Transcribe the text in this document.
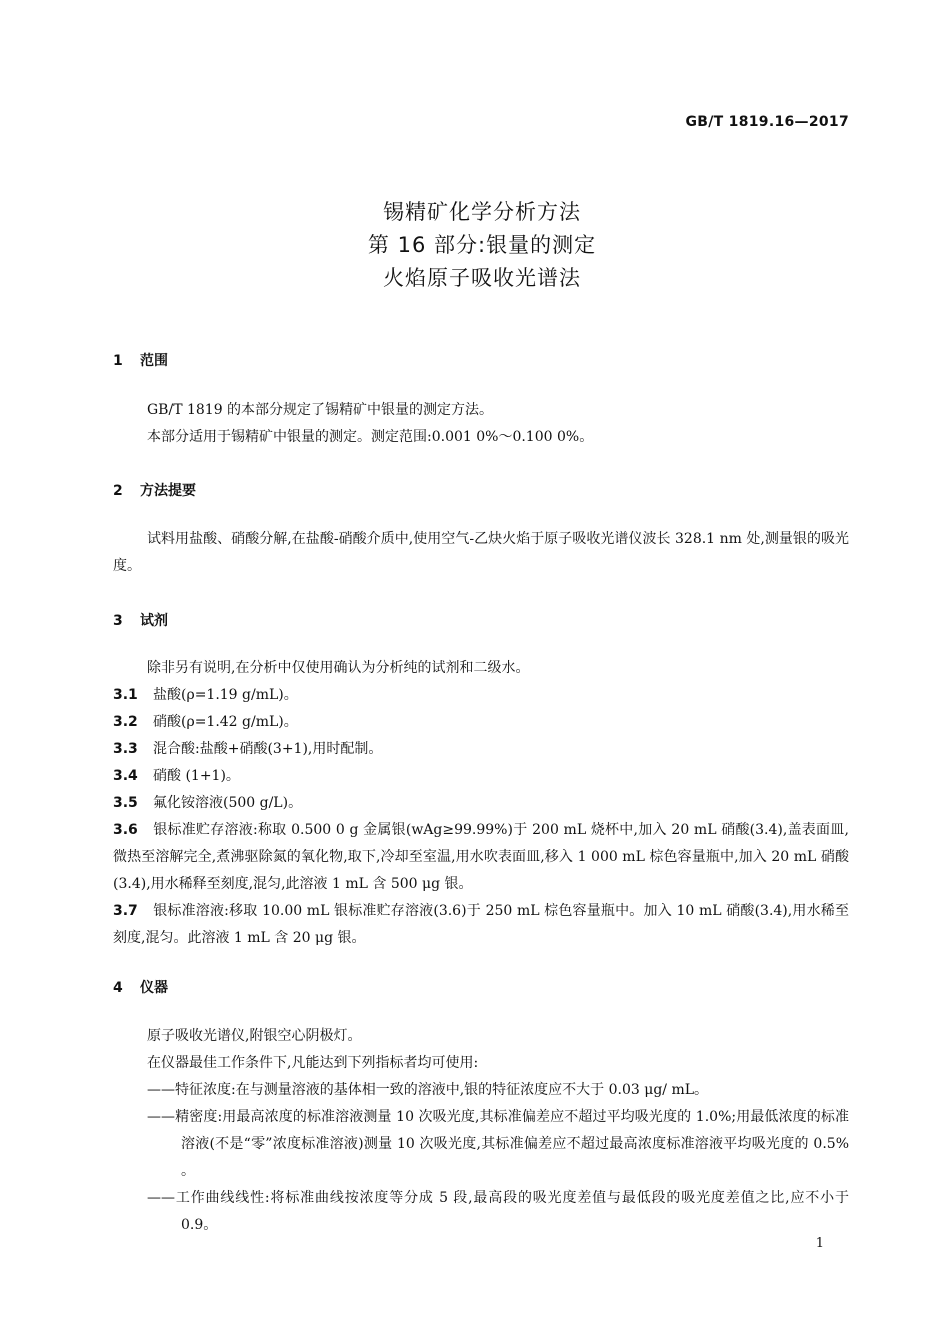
GB/T 1819.16—2017
锡精矿化学分析方法
第 16 部分:银量的测定
火焰原子吸收光谱法
1 范围
GB/T 1819 的本部分规定了锡精矿中银量的测定方法。
本部分适用于锡精矿中银量的测定。测定范围:0.001 0%～0.100 0%。
2 方法提要
试料用盐酸、硝酸分解,在盐酸-硝酸介质中,使用空气-乙炔火焰于原子吸收光谱仪波长 328.1 nm 处,测量银的吸光度。
3 试剂
除非另有说明,在分析中仅使用确认为分析纯的试剂和二级水。
3.1 盐酸(ρ=1.19 g/mL)。
3.2 硝酸(ρ=1.42 g/mL)。
3.3 混合酸:盐酸+硝酸(3+1),用时配制。
3.4 硝酸 (1+1)。
3.5 氟化铵溶液(500 g/L)。
3.6 银标准贮存溶液:称取 0.500 0 g 金属银(wAg≥99.99%)于 200 mL 烧杯中,加入 20 mL 硝酸(3.4),盖表面皿,微热至溶解完全,煮沸驱除氮的氧化物,取下,冷却至室温,用水吹表面皿,移入 1 000 mL 棕色容量瓶中,加入 20 mL 硝酸(3.4),用水稀释至刻度,混匀,此溶液 1 mL 含 500 μg 银。
3.7 银标准溶液:移取 10.00 mL 银标准贮存溶液(3.6)于 250 mL 棕色容量瓶中。加入 10 mL 硝酸(3.4),用水稀至刻度,混匀。此溶液 1 mL 含 20 μg 银。
4 仪器
原子吸收光谱仪,附银空心阴极灯。
在仪器最佳工作条件下,凡能达到下列指标者均可使用:
——特征浓度:在与测量溶液的基体相一致的溶液中,银的特征浓度应不大于 0.03 μg/ mL。
——精密度:用最高浓度的标准溶液测量 10 次吸光度,其标准偏差应不超过平均吸光度的 1.0%;用最低浓度的标准溶液(不是“零”浓度标准溶液)测量 10 次吸光度,其标准偏差应不超过最高浓度标准溶液平均吸光度的 0.5% 。
——工作曲线线性:将标准曲线按浓度等分成 5 段,最高段的吸光度差值与最低段的吸光度差值之比,应不小于 0.9。
1
